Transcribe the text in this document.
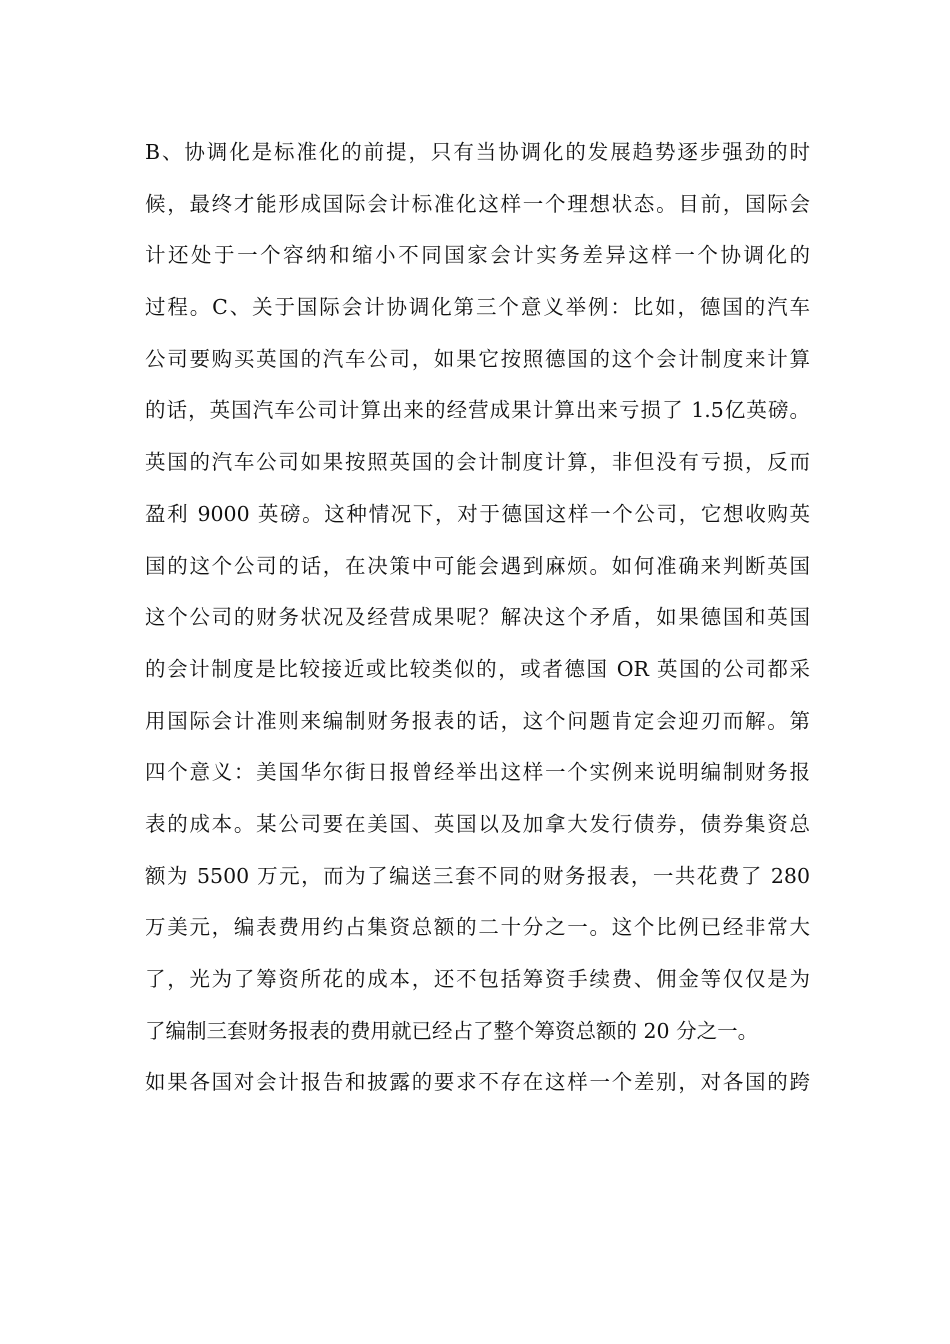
B、协调化是标准化的前提，只有当协调化的发展趋势逐步强劲的时
候，最终才能形成国际会计标准化这样一个理想状态。目前，国际会
计还处于一个容纳和缩小不同国家会计实务差异这样一个协调化的
过程。C、关于国际会计协调化第三个意义举例：比如，德国的汽车
公司要购买英国的汽车公司，如果它按照德国的这个会计制度来计算
的话，英国汽车公司计算出来的经营成果计算出来亏损了 1.5亿英磅。
英国的汽车公司如果按照英国的会计制度计算，非但没有亏损，反而
盈利 9000 英磅。这种情况下，对于德国这样一个公司，它想收购英
国的这个公司的话，在决策中可能会遇到麻烦。如何准确来判断英国
这个公司的财务状况及经营成果呢？解决这个矛盾，如果德国和英国
的会计制度是比较接近或比较类似的，或者德国 OR 英国的公司都采
用国际会计准则来编制财务报表的话，这个问题肯定会迎刃而解。第
四个意义：美国华尔街日报曾经举出这样一个实例来说明编制财务报
表的成本。某公司要在美国、英国以及加拿大发行债券，债券集资总
额为 5500 万元，而为了编送三套不同的财务报表，一共花费了 280
万美元，编表费用约占集资总额的二十分之一。这个比例已经非常大
了，光为了筹资所花的成本，还不包括筹资手续费、佣金等仅仅是为
了编制三套财务报表的费用就已经占了整个筹资总额的 20 分之一。
如果各国对会计报告和披露的要求不存在这样一个差别，对各国的跨
